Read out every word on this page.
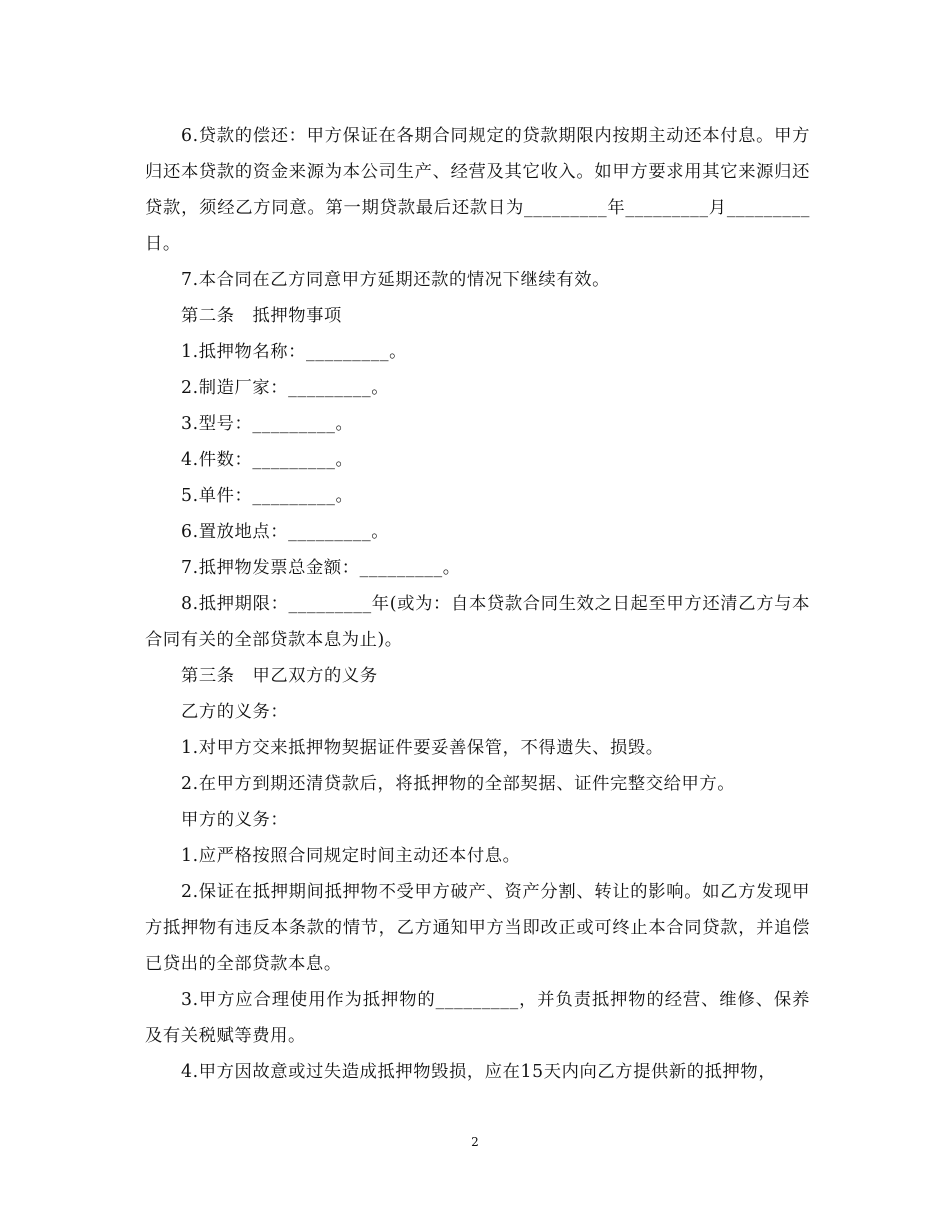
6.贷款的偿还：甲方保证在各期合同规定的贷款期限内按期主动还本付息。甲方归还本贷款的资金来源为本公司生产、经营及其它收入。如甲方要求用其它来源归还贷款，须经乙方同意。第一期贷款最后还款日为_________年_________月_________日。

7.本合同在乙方同意甲方延期还款的情况下继续有效。

第二条　抵押物事项

1.抵押物名称：_________。

2.制造厂家：_________。

3.型号：_________。

4.件数：_________。

5.单件：_________。

6.置放地点：_________。

7.抵押物发票总金额：_________。

8.抵押期限：_________年(或为：自本贷款合同生效之日起至甲方还清乙方与本合同有关的全部贷款本息为止)。

第三条　甲乙双方的义务

乙方的义务：

1.对甲方交来抵押物契据证件要妥善保管，不得遗失、损毁。

2.在甲方到期还清贷款后，将抵押物的全部契据、证件完整交给甲方。

甲方的义务：

1.应严格按照合同规定时间主动还本付息。

2.保证在抵押期间抵押物不受甲方破产、资产分割、转让的影响。如乙方发现甲方抵押物有违反本条款的情节，乙方通知甲方当即改正或可终止本合同贷款，并追偿已贷出的全部贷款本息。

3.甲方应合理使用作为抵押物的_________，并负责抵押物的经营、维修、保养及有关税赋等费用。

4.甲方因故意或过失造成抵押物毁损，应在15天内向乙方提供新的抵押物，

2
